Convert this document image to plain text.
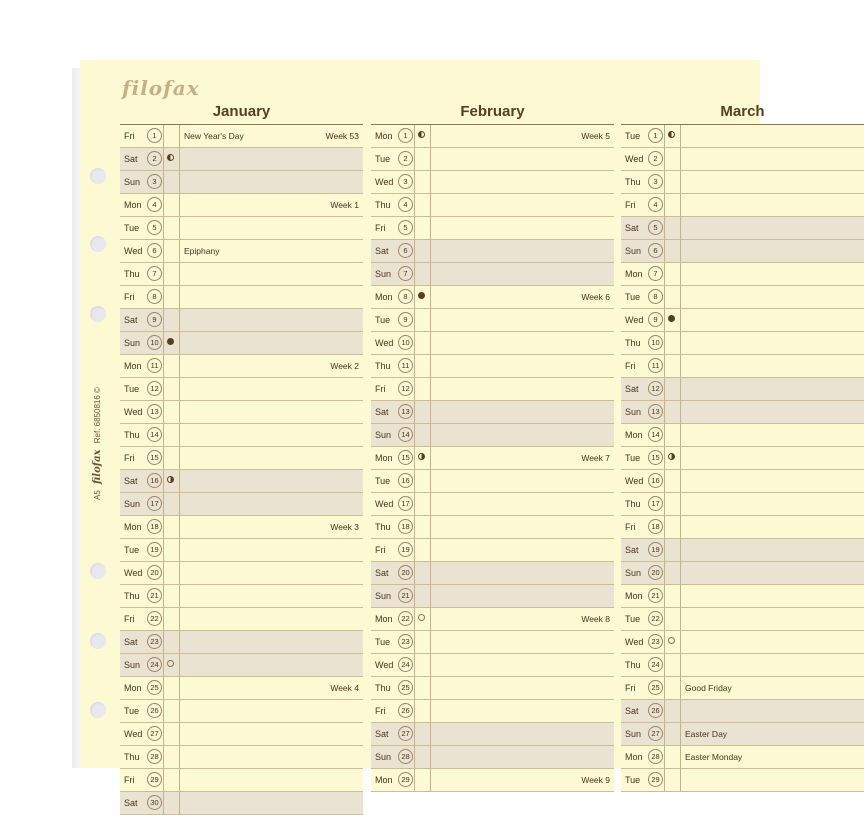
filofax
A5 filofax Ref. 6850816 ©
January
Fri	1	New Year's Day	Week 53
Sat	2
Sun	3
Mon	4	Week 1
Tue	5
Wed	6	Epiphany
Thu	7
Fri	8
Sat	9
Sun	10
Mon	11	Week 2
Tue	12
Wed	13
Thu	14
Fri	15
Sat	16
Sun	17
Mon	18	Week 3
Tue	19
Wed	20
Thu	21
Fri	22
Sat	23
Sun	24
Mon	25	Week 4
Tue	26
Wed	27
Thu	28
Fri	29
Sat	30
February
Mon	1	Week 5
Tue	2
Wed	3
Thu	4
Fri	5
Sat	6
Sun	7
Mon	8	Week 6
Tue	9
Wed	10
Thu	11
Fri	12
Sat	13
Sun	14
Mon	15	Week 7
Tue	16
Wed	17
Thu	18
Fri	19
Sat	20
Sun	21
Mon	22	Week 8
Tue	23
Wed	24
Thu	25
Fri	26
Sat	27
Sun	28
Mon	29	Week 9
March
Tue	1
Wed	2
Thu	3
Fri	4
Sat	5
Sun	6
Mon	7
Tue	8
Wed	9
Thu	10
Fri	11
Sat	12
Sun	13
Mon	14
Tue	15
Wed	16
Thu	17
Fri	18
Sat	19
Sun	20
Mon	21
Tue	22
Wed	23
Thu	24
Fri	25	Good Friday
Sat	26
Sun	27	Easter Day
Mon	28	Easter Monday
Tue	29
